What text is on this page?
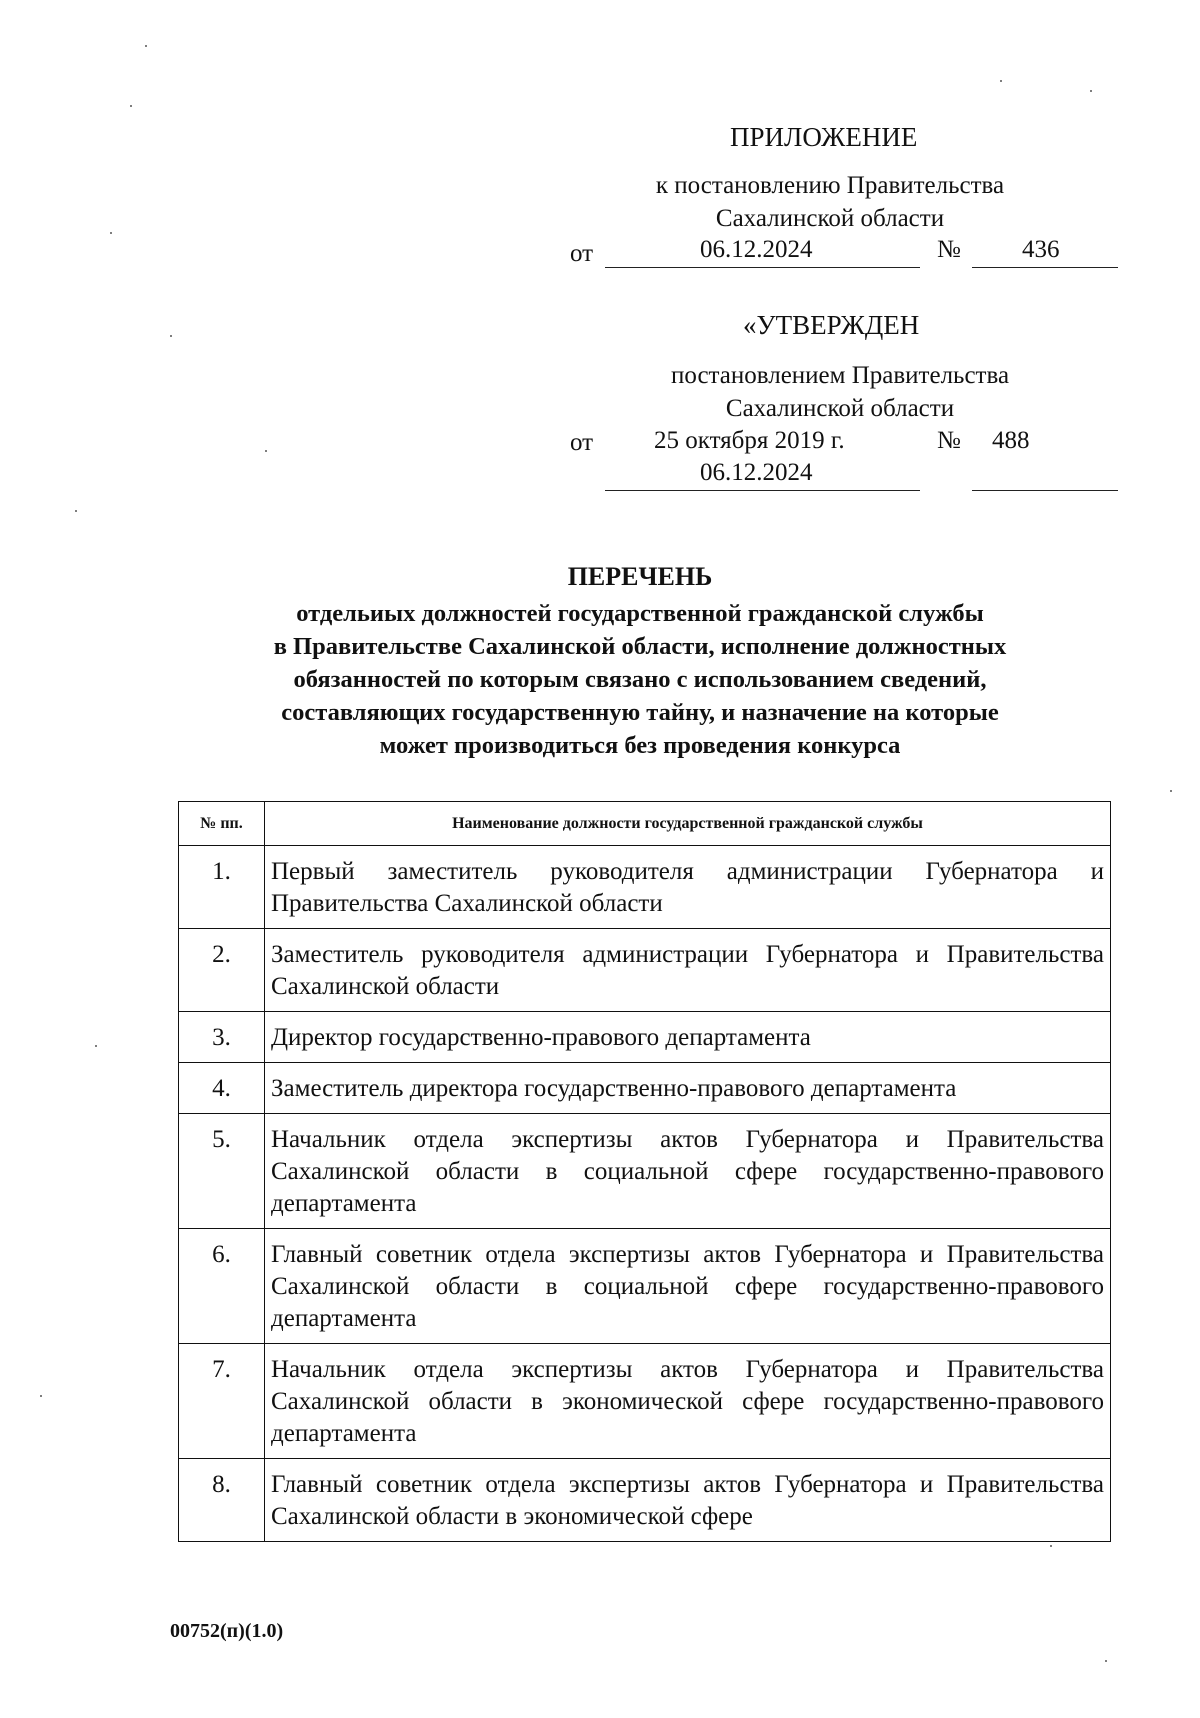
ПРИЛОЖЕНИЕ
к постановлению Правительства
Сахалинской области
от	06.12.2024	№ 436
«УТВЕРЖДЕН
постановлением Правительства
Сахалинской области
от 25 октября 2019 г.	№ 488
06.12.2024
ПЕРЕЧЕНЬ
отдельиых должностей государственной гражданской службы
в Правительстве Сахалинской области, исполнение должностных
обязанностей по которым связано с использованием сведений,
составляющих государственную тайну, и назначение на которые
может производиться без проведения конкурса
№ пп.	Наименование должности государственной гражданской службы
1.	Первый заместитель руководителя администрации Губернатора и Правительства Сахалинской области
2.	Заместитель руководителя администрации Губернатора и Правительства Сахалинской области
3.	Директор государственно-правового департамента
4.	Заместитель директора государственно-правового департамента
5.	Начальник отдела экспертизы актов Губернатора и Правительства Сахалинской области в социальной сфере государственно-правового департамента
6.	Главный советник отдела экспертизы актов Губернатора и Правительства Сахалинской области в социальной сфере государственно-правового департамента
7.	Начальник отдела экспертизы актов Губернатора и Правительства Сахалинской области в экономической сфере государственно-правового департамента
8.	Главный советник отдела экспертизы актов Губернатора и Правительства Сахалинской области в экономической сфере
00752(п)(1.0)
